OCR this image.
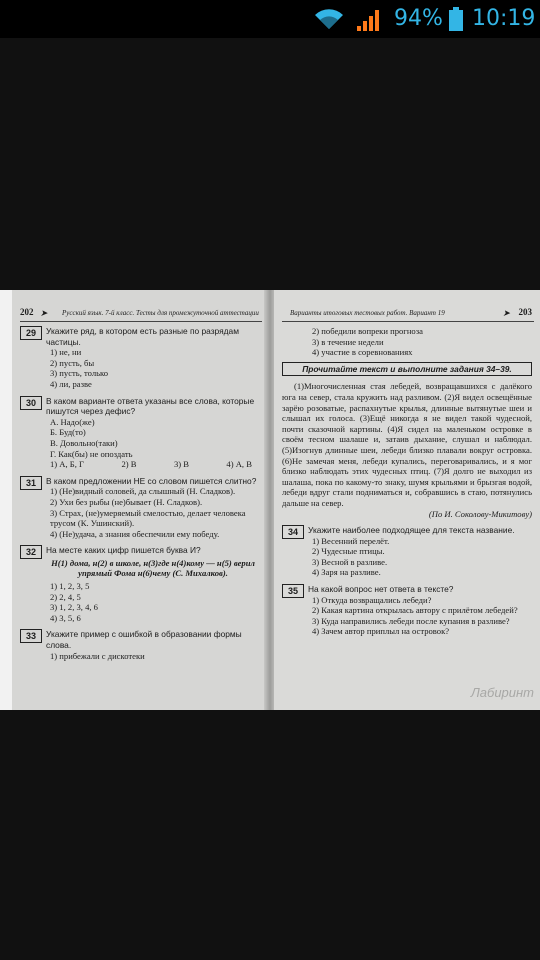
94% 10:19
202 ➤ Русский язык. 7-й класс. Тесты для промежуточной аттестации
29	Укажите ряд, в котором есть разные по разрядам частицы.
1) не, ни
2) пусть, бы
3) пусть, только
4) ли, разве
30	В каком варианте ответа указаны все слова, которые пишутся через дефис?
А. Надо(же)
Б. Буд(то)
В. Довольно(таки)
Г. Как(бы) не опоздать
1) А, Б, Г	2) В	3) В	4) А, В
31	В каком предложении НЕ со словом пишется слитно?
1) (Не)видный соловей, да слышный (Н. Сладков).
2) Ухи без рыбы (не)бывает (Н. Сладков).
3) Страх, (не)умеряемый смелостью, делает человека трусом (К. Ушинский).
4) (Не)удача, а знания обеспечили ему победу.
32	На месте каких цифр пишется буква И?
Н(1) дома, н(2) в школе, н(3)где н(4)кому — н(5) верил упрямый Фома н(6)чему (С. Михалков).
1) 1, 2, 3, 5
2) 2, 4, 5
3) 1, 2, 3, 4, 6
4) 3, 5, 6
33	Укажите пример с ошибкой в образовании формы слова.
1) прибежали с дискотеки
Варианты итоговых тестовых работ. Вариант 19	➤ 203
2) победили вопреки прогноза
3) в течение недели
4) участие в соревнованиях
Прочитайте текст и выполните задания 34–39.
(1)Многочисленная стая лебедей, возвращавшихся с далёкого юга на север, стала кружить над разливом. (2)Я видел освещённые зарёю розоватые, распахнутые крылья, длинные вытянутые шеи и слышал их голоса. (3)Ещё никогда я не видел такой чудесной, почти сказочной картины. (4)Я сидел на маленьком островке в своём тесном шалаше и, затаив дыхание, слушал и наблюдал. (5)Изогнув длинные шеи, лебеди близко плавали вокруг островка. (6)Не замечая меня, лебеди купались, переговаривались, и я мог близко наблюдать этих чудесных птиц. (7)Я долго не выходил из шалаша, пока по какому-то знаку, шумя крыльями и брызгая водой, лебеди вдруг стали подниматься и, собравшись в стаю, потянулись дальше на север.
(По И. Соколову-Микитову)
34	Укажите наиболее подходящее для текста название.
1) Весенний перелёт.
2) Чудесные птицы.
3) Весной в разливе.
4) Заря на разливе.
35	На какой вопрос нет ответа в тексте?
1) Откуда возвращались лебеди?
2) Какая картина открылась автору с прилётом лебедей?
3) Куда направились лебеди после купания в разливе?
4) Зачем автор приплыл на островок?
Лабиринт
